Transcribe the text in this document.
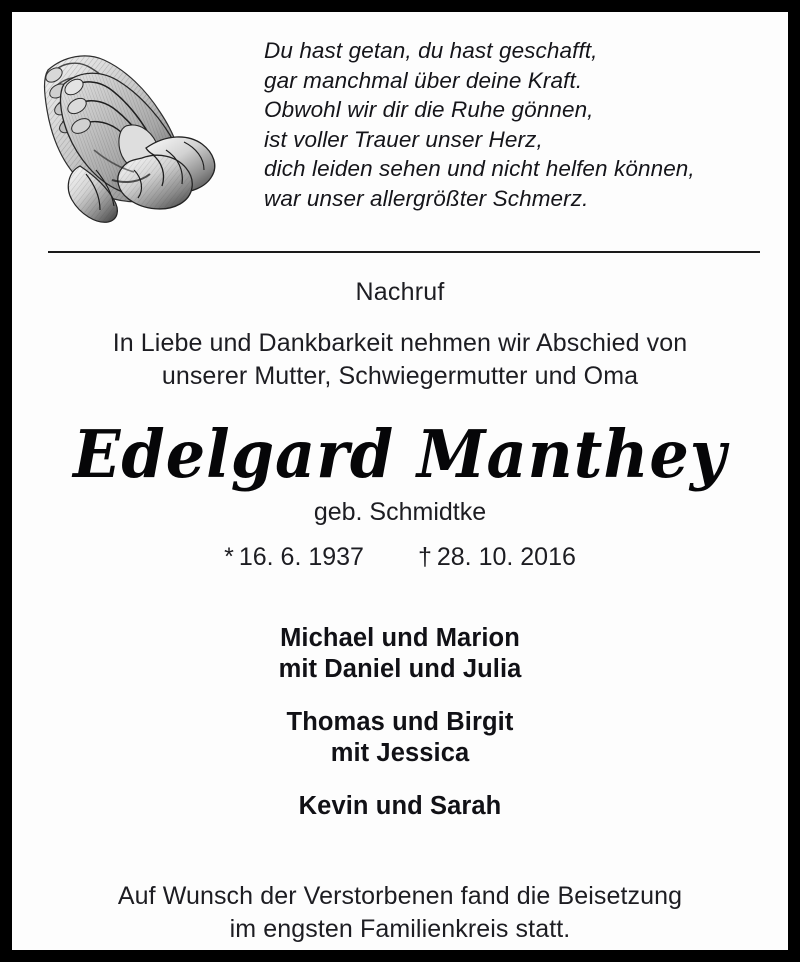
Du hast getan, du hast geschafft,
gar manchmal über deine Kraft.
Obwohl wir dir die Ruhe gönnen,
ist voller Trauer unser Herz,
dich leiden sehen und nicht helfen können,
war unser allergrößter Schmerz.
Nachruf
In Liebe und Dankbarkeit nehmen wir Abschied von
unserer Mutter, Schwiegermutter und Oma
Edelgard Manthey
geb. Schmidtke
* 16. 6. 1937 † 28. 10. 2016
Michael und Marion
mit Daniel und Julia
Thomas und Birgit
mit Jessica
Kevin und Sarah
Auf Wunsch der Verstorbenen fand die Beisetzung
im engsten Familienkreis statt.
